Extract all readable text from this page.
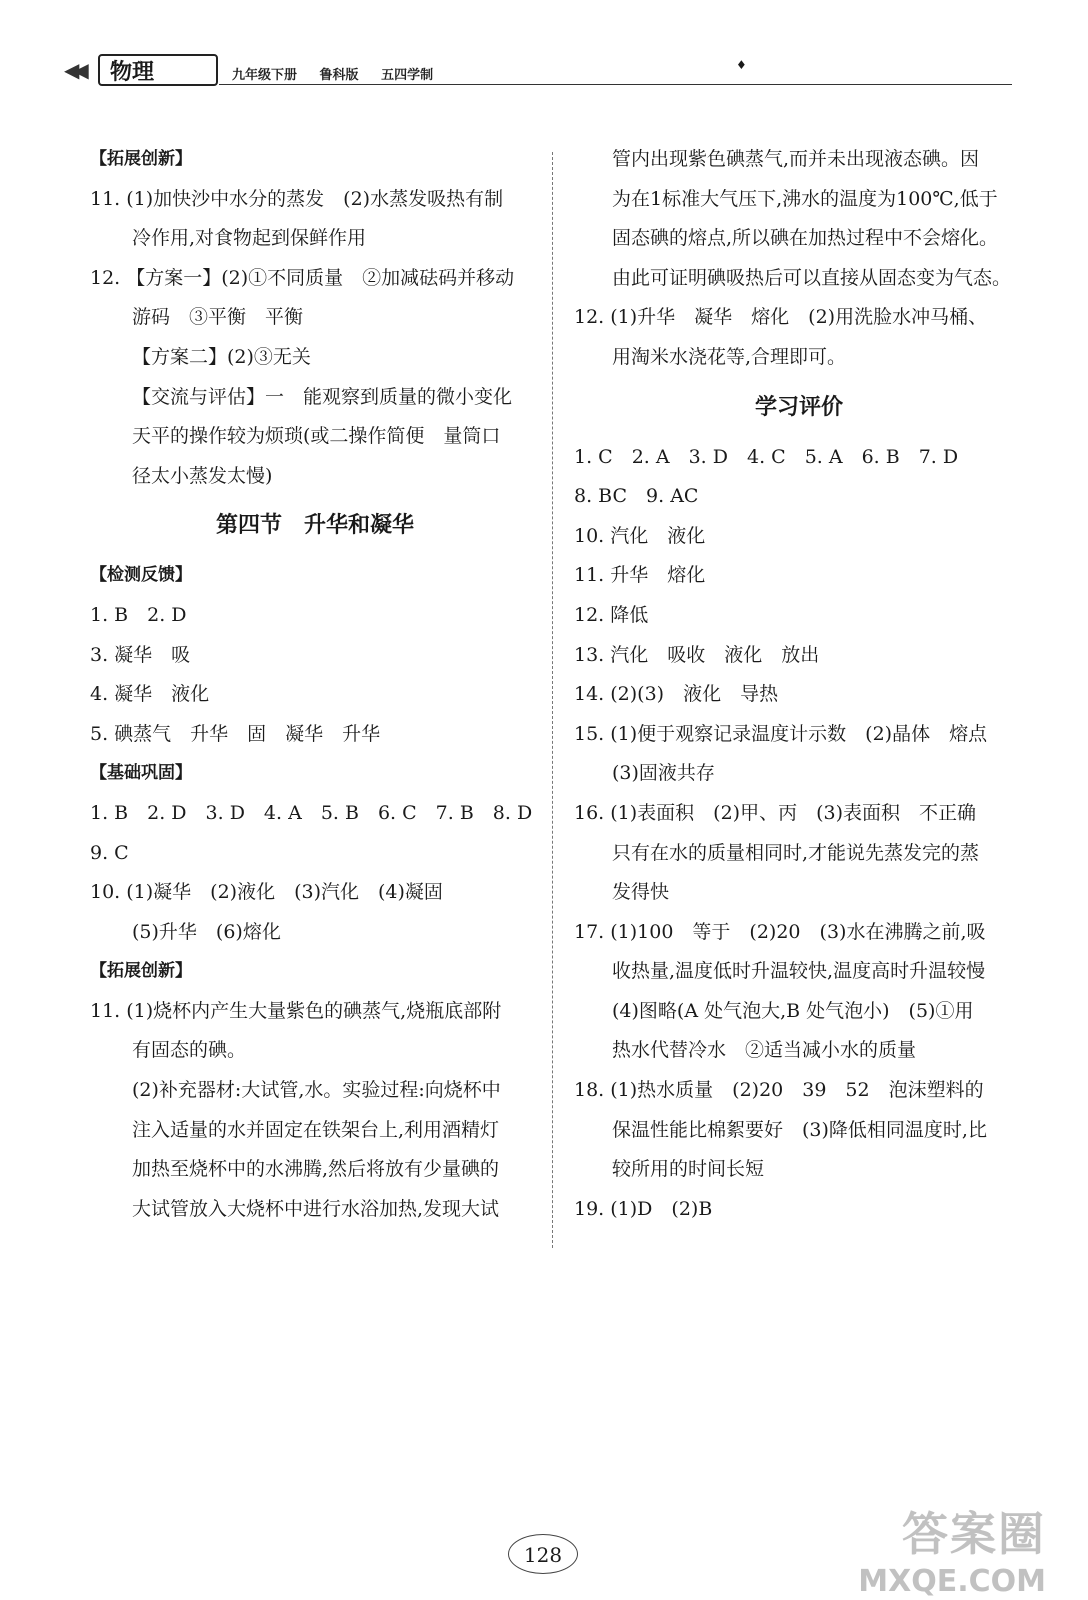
◀◀	物理	九年级下册 鲁科版 五四学制
♦
【拓展创新】
11. (1)加快沙中水分的蒸发　(2)水蒸发吸热有制
冷作用,对食物起到保鲜作用
12. 【方案一】(2)①不同质量　②加减砝码并移动
游码　③平衡　平衡
【方案二】(2)③无关
【交流与评估】一　能观察到质量的微小变化
天平的操作较为烦琐(或二操作简便　量筒口
径太小蒸发太慢)
第四节　升华和凝华
【检测反馈】
1. B　2. D
3. 凝华　吸
4. 凝华　液化
5. 碘蒸气　升华　固　凝华　升华
【基础巩固】
1. B　2. D　3. D　4. A　5. B　6. C　7. B　8. D
9. C
10. (1)凝华　(2)液化　(3)汽化　(4)凝固
(5)升华　(6)熔化
【拓展创新】
11. (1)烧杯内产生大量紫色的碘蒸气,烧瓶底部附
有固态的碘。
(2)补充器材:大试管,水。实验过程:向烧杯中
注入适量的水并固定在铁架台上,利用酒精灯
加热至烧杯中的水沸腾,然后将放有少量碘的
大试管放入大烧杯中进行水浴加热,发现大试
管内出现紫色碘蒸气,而并未出现液态碘。因
为在1标准大气压下,沸水的温度为100℃,低于
固态碘的熔点,所以碘在加热过程中不会熔化。
由此可证明碘吸热后可以直接从固态变为气态。
12. (1)升华　凝华　熔化　(2)用洗脸水冲马桶、
用淘米水浇花等,合理即可。
学习评价
1. C　2. A　3. D　4. C　5. A　6. B　7. D
8. BC　9. AC
10. 汽化　液化
11. 升华　熔化
12. 降低
13. 汽化　吸收　液化　放出
14. (2)(3)　液化　导热
15. (1)便于观察记录温度计示数　(2)晶体　熔点
(3)固液共存
16. (1)表面积　(2)甲、丙　(3)表面积　不正确
只有在水的质量相同时,才能说先蒸发完的蒸
发得快
17. (1)100　等于　(2)20　(3)水在沸腾之前,吸
收热量,温度低时升温较快,温度高时升温较慢
(4)图略(A 处气泡大,B 处气泡小)　(5)①用
热水代替冷水　②适当减小水的质量
18. (1)热水质量　(2)20　39　52　泡沫塑料的
保温性能比棉絮要好　(3)降低相同温度时,比
较所用的时间长短
19. (1)D　(2)B
128	答案圈
MXQE.COM
